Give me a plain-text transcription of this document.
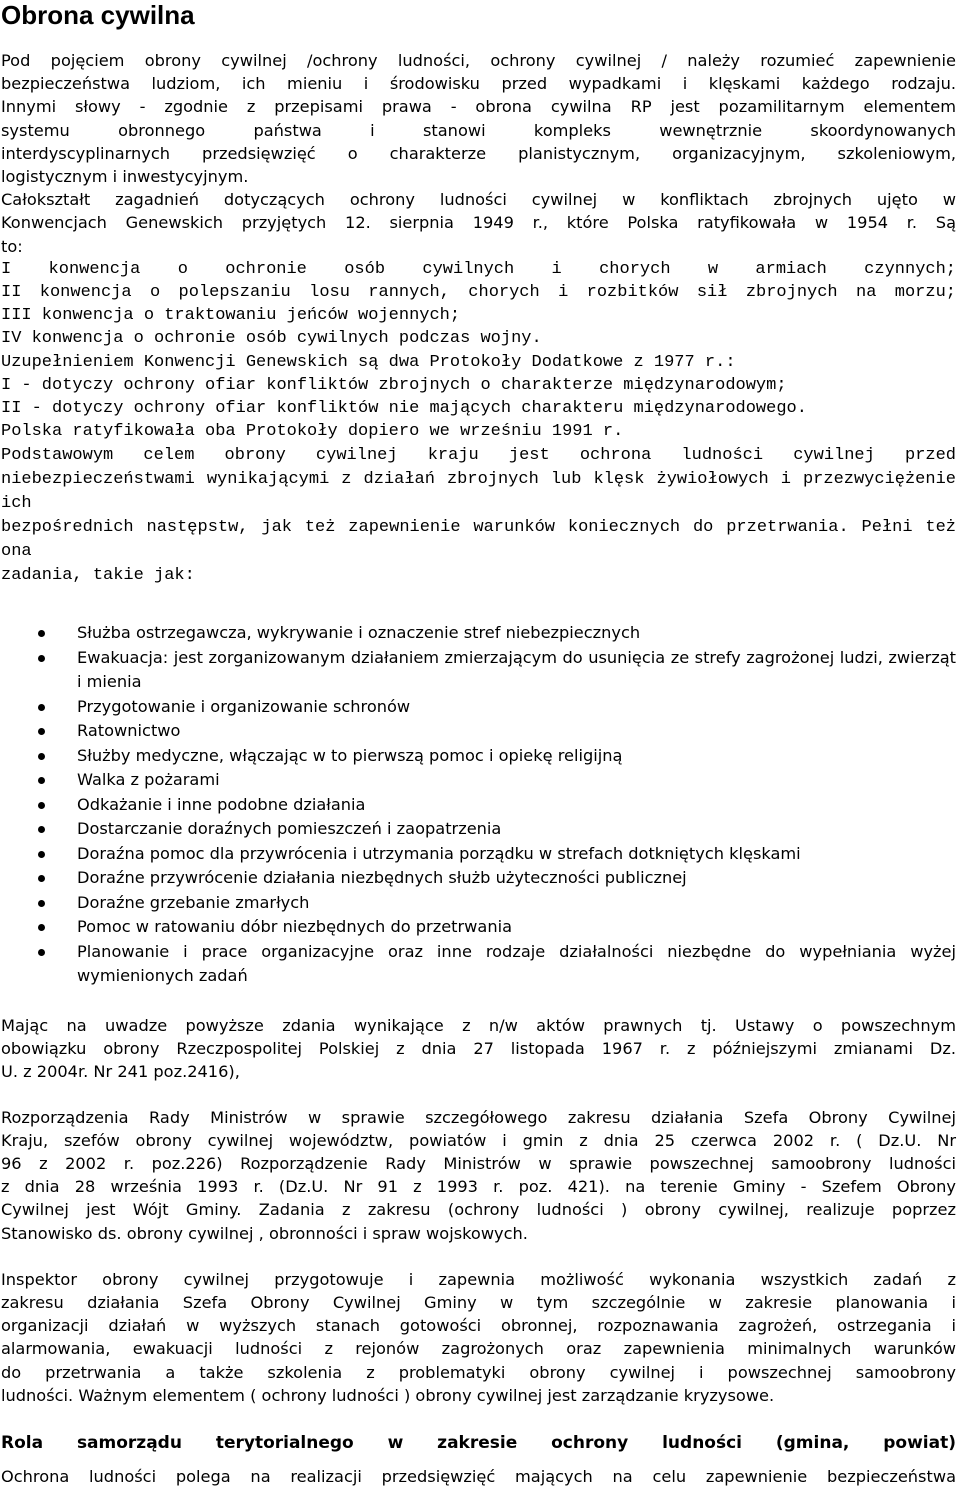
Obrona cywilna
Pod pojęciem obrony cywilnej /ochrony ludności, ochrony cywilnej / należy rozumieć zapewnienie
bezpieczeństwa ludziom, ich mieniu i środowisku przed wypadkami i klęskami każdego rodzaju.
Innymi słowy - zgodnie z przepisami prawa - obrona cywilna RP jest pozamilitarnym elementem
systemu obronnego państwa i stanowi kompleks wewnętrznie skoordynowanych
interdyscyplinarnych przedsięwzięć o charakterze planistycznym, organizacyjnym, szkoleniowym,
logistycznym i inwestycyjnym.
Całokształt zagadnień dotyczących ochrony ludności cywilnej w konfliktach zbrojnych ujęto w
Konwencjach Genewskich przyjętych 12. sierpnia 1949 r., które Polska ratyfikowała w 1954 r. Są
to:
I konwencja o ochronie osób cywilnych i chorych w armiach czynnych;
II konwencja o polepszaniu losu rannych, chorych i rozbitków sił zbrojnych na morzu;
III konwencja o traktowaniu jeńców wojennych;
IV konwencja o ochronie osób cywilnych podczas wojny.
Uzupełnieniem Konwencji Genewskich są dwa Protokoły Dodatkowe z 1977 r.:
I - dotyczy ochrony ofiar konfliktów zbrojnych o charakterze międzynarodowym;
II - dotyczy ochrony ofiar konfliktów nie mających charakteru międzynarodowego.
Polska ratyfikowała oba Protokoły dopiero we wrześniu 1991 r.
Podstawowym celem obrony cywilnej kraju jest ochrona ludności cywilnej przed
niebezpieczeństwami wynikającymi z działań zbrojnych lub klęsk żywiołowych i przezwyciężenie ich
bezpośrednich następstw, jak też zapewnienie warunków koniecznych do przetrwania. Pełni też ona
zadania, takie jak:
Służba ostrzegawcza, wykrywanie i oznaczenie stref niebezpiecznych
Ewakuacja: jest zorganizowanym działaniem zmierzającym do usunięcia ze strefy zagrożonej ludzi, zwierząt i mienia
Przygotowanie i organizowanie schronów
Ratownictwo
Służby medyczne, włączając w to pierwszą pomoc i opiekę religijną
Walka z pożarami
Odkażanie i inne podobne działania
Dostarczanie doraźnych pomieszczeń i zaopatrzenia
Doraźna pomoc dla przywrócenia i utrzymania porządku w strefach dotkniętych klęskami
Doraźne przywrócenie działania niezbędnych służb użyteczności publicznej
Doraźne grzebanie zmarłych
Pomoc w ratowaniu dóbr niezbędnych do przetrwania
Planowanie i prace organizacyjne oraz inne rodzaje działalności niezbędne do wypełniania wyżej wymienionych zadań
Mając na uwadze powyższe zdania wynikające z n/w aktów prawnych tj. Ustawy o powszechnym
obowiązku obrony Rzeczpospolitej Polskiej z dnia 27 listopada 1967 r. z późniejszymi zmianami Dz.
U. z 2004r. Nr 241 poz.2416),
Rozporządzenia Rady Ministrów w sprawie szczegółowego zakresu działania Szefa Obrony Cywilnej
Kraju, szefów obrony cywilnej województw, powiatów i gmin z dnia 25 czerwca 2002 r. ( Dz.U. Nr
96 z 2002 r. poz.226) Rozporządzenie Rady Ministrów w sprawie powszechnej samoobrony ludności
z dnia 28 września 1993 r. (Dz.U. Nr 91 z 1993 r. poz. 421). na terenie Gminy - Szefem Obrony
Cywilnej jest Wójt Gminy. Zadania z zakresu (ochrony ludności ) obrony cywilnej, realizuje poprzez
Stanowisko ds. obrony cywilnej , obronności i spraw wojskowych.
Inspektor obrony cywilnej przygotowuje i zapewnia możliwość wykonania wszystkich zadań z
zakresu działania Szefa Obrony Cywilnej Gminy w tym szczególnie w zakresie planowania i
organizacji działań w wyższych stanach gotowości obronnej, rozpoznawania zagrożeń, ostrzegania i
alarmowania, ewakuacji ludności z rejonów zagrożonych oraz zapewnienia minimalnych warunków
do przetrwania a także szkolenia z problematyki obrony cywilnej i powszechnej samoobrony
ludności. Ważnym elementem ( ochrony ludności ) obrony cywilnej jest zarządzanie kryzysowe.
Rola samorządu terytorialnego w zakresie ochrony ludności (gmina, powiat)
Ochrona ludności polega na realizacji przedsięwzięć mających na celu zapewnienie bezpieczeństwa
